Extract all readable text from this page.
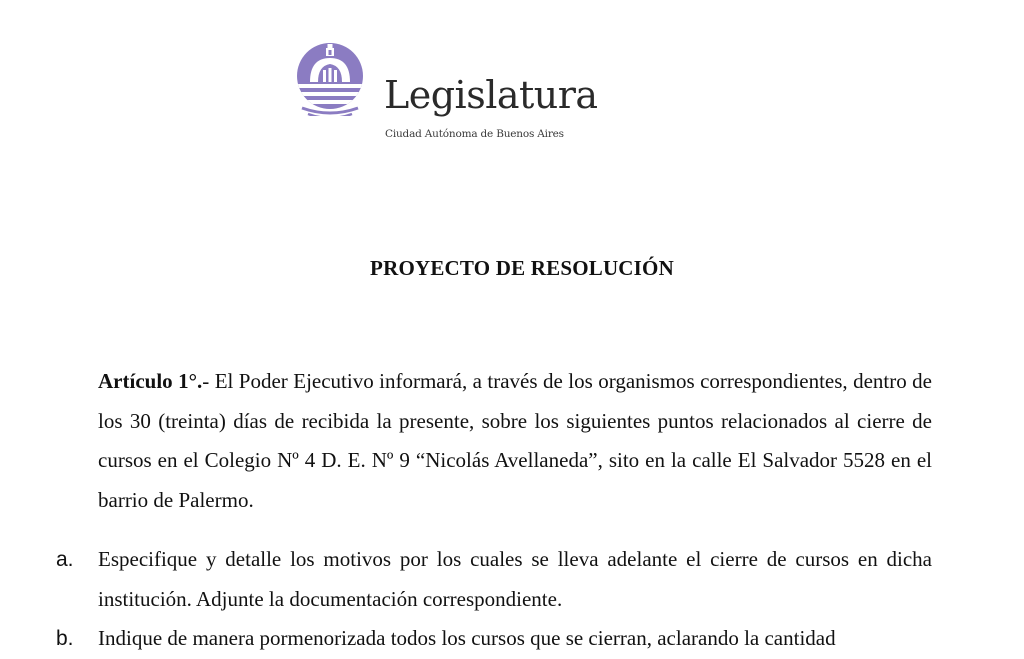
Legislatura
Ciudad Autónoma de Buenos Aires
PROYECTO DE RESOLUCIÓN
Artículo 1°.- El Poder Ejecutivo informará, a través de los organismos correspondientes, dentro de los 30 (treinta) días de recibida la presente, sobre los siguientes puntos relacionados al cierre de cursos en el Colegio Nº 4 D. E. Nº 9 “Nicolás Avellaneda”, sito en la calle El Salvador 5528 en el barrio de Palermo.
a. Especifique y detalle los motivos por los cuales se lleva adelante el cierre de cursos en dicha institución. Adjunte la documentación correspondiente.
b. Indique de manera pormenorizada todos los cursos que se cierran, aclarando la cantidad
